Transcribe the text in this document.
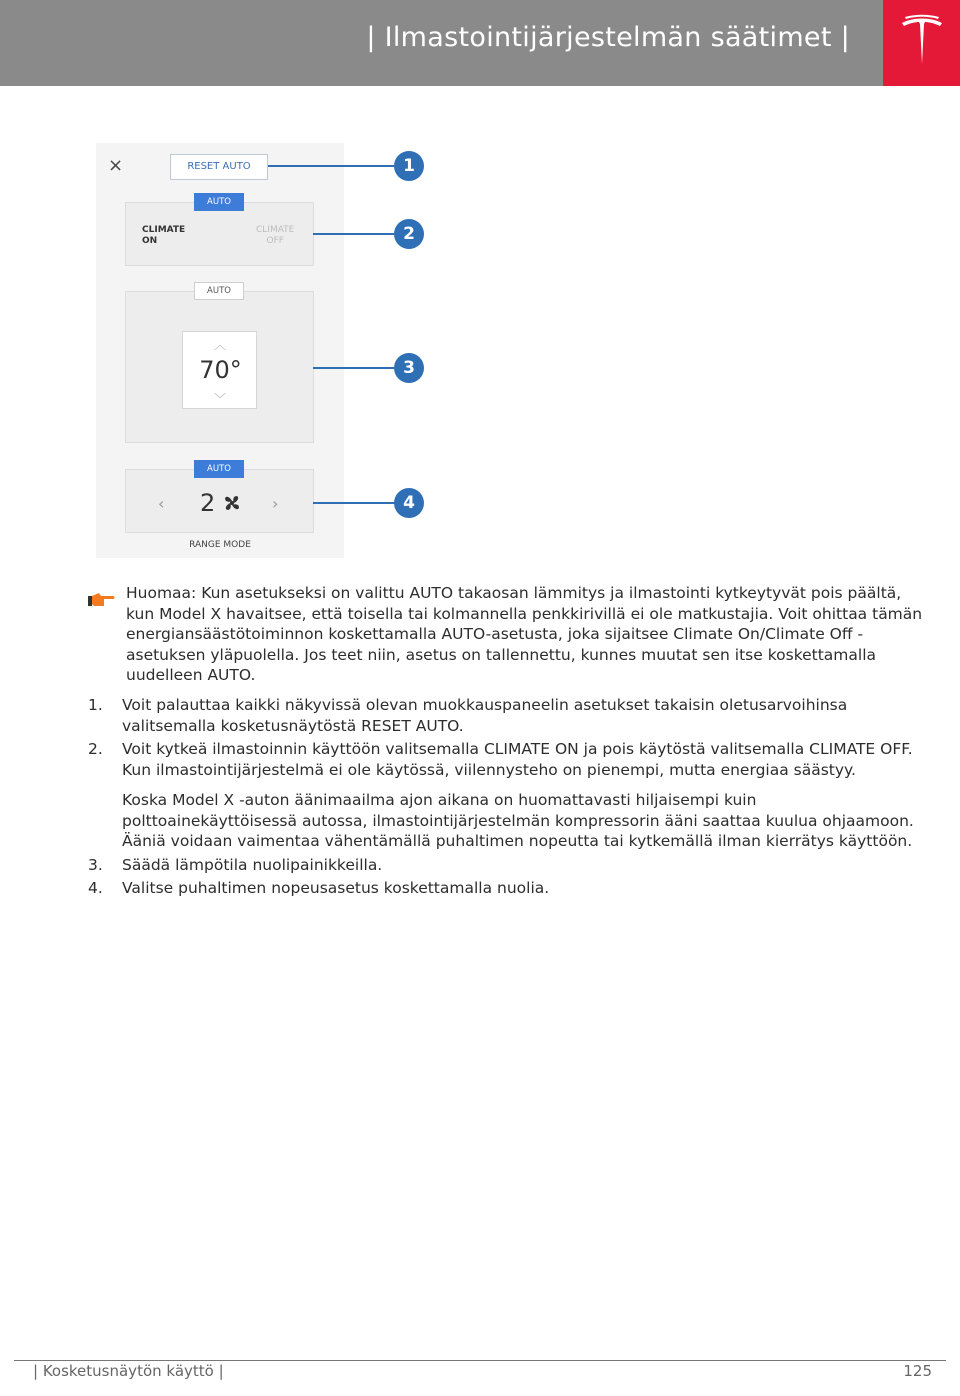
| Ilmastointijärjestelmän säätimet |
×	RESET AUTO
AUTO
CLIMATE
ON
CLIMATE
OFF
AUTO
︿
70°
﹀
AUTO
‹ 2	›
RANGE MODE
1
2
3
4
Huomaa: Kun asetukseksi on valittu AUTO takaosan lämmitys ja ilmastointi kytkeytyvät pois päältä, kun Model X havaitsee, että toisella tai kolmannella penkkirivillä ei ole matkustajia. Voit ohittaa tämän energiansäästötoiminnon koskettamalla AUTO-asetusta, joka sijaitsee Climate On/Climate Off -asetuksen yläpuolella. Jos teet niin, asetus on tallennettu, kunnes muutat sen itse koskettamalla uudelleen AUTO.
1. Voit palauttaa kaikki näkyvissä olevan muokkauspaneelin asetukset takaisin oletusarvoihinsa valitsemalla kosketusnäytöstä RESET AUTO.
2. Voit kytkeä ilmastoinnin käyttöön valitsemalla CLIMATE ON ja pois käytöstä valitsemalla CLIMATE OFF. Kun ilmastointijärjestelmä ei ole käytössä, viilennysteho on pienempi, mutta energiaa säästyy.
Koska Model X -auton äänimaailma ajon aikana on huomattavasti hiljaisempi kuin polttoainekäyttöisessä autossa, ilmastointijärjestelmän kompressorin ääni saattaa kuulua ohjaamoon. Ääniä voidaan vaimentaa vähentämällä puhaltimen nopeutta tai kytkemällä ilman kierrätys käyttöön.
3. Säädä lämpötila nuolipainikkeilla.
4. Valitse puhaltimen nopeusasetus koskettamalla nuolia.
| Kosketusnäytön käyttö |	125
